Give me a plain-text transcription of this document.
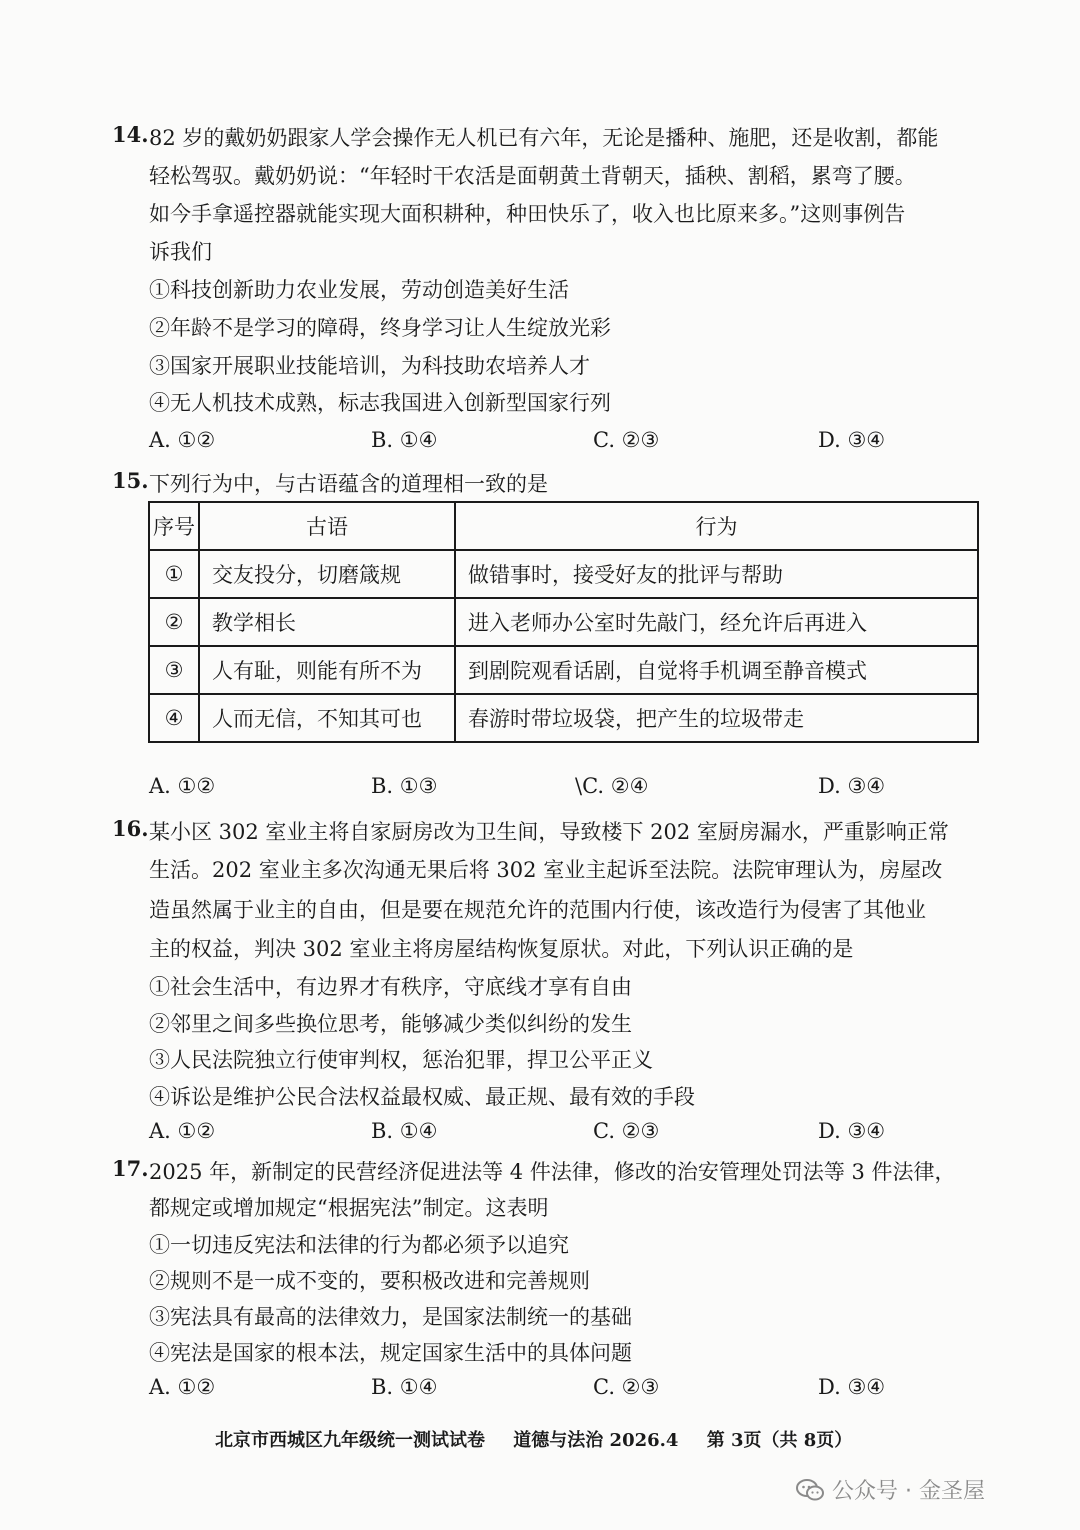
14. 82 岁的戴奶奶跟家人学会操作无人机已有六年，无论是播种、施肥，还是收割，都能
轻松驾驭。戴奶奶说：“年轻时干农活是面朝黄土背朝天，插秧、割稻，累弯了腰。
如今手拿遥控器就能实现大面积耕种，种田快乐了，收入也比原来多。”这则事例告
诉我们
①科技创新助力农业发展，劳动创造美好生活
②年龄不是学习的障碍，终身学习让人生绽放光彩
③国家开展职业技能培训，为科技助农培养人才
④无人机技术成熟，标志我国进入创新型国家行列
A. ①②	B. ①④	C. ②③	D. ③④
15. 下列行为中，与古语蕴含的道理相一致的是
序号	古语	行为
①	交友投分，切磨箴规	做错事时，接受好友的批评与帮助
②	教学相长	进入老师办公室时先敲门，经允许后再进入
③	人有耻，则能有所不为	到剧院观看话剧，自觉将手机调至静音模式
④	人而无信，不知其可也	春游时带垃圾袋，把产生的垃圾带走
A. ①②	B. ①③	\C. ②④	D. ③④
16. 某小区 302 室业主将自家厨房改为卫生间，导致楼下 202 室厨房漏水，严重影响正常
生活。202 室业主多次沟通无果后将 302 室业主起诉至法院。法院审理认为，房屋改
造虽然属于业主的自由，但是要在规范允许的范围内行使，该改造行为侵害了其他业
主的权益，判决 302 室业主将房屋结构恢复原状。对此，下列认识正确的是
①社会生活中，有边界才有秩序，守底线才享有自由
②邻里之间多些换位思考，能够减少类似纠纷的发生
③人民法院独立行使审判权，惩治犯罪，捍卫公平正义
④诉讼是维护公民合法权益最权威、最正规、最有效的手段
A. ①②	B. ①④	C. ②③	D. ③④
17. 2025 年，新制定的民营经济促进法等 4 件法律，修改的治安管理处罚法等 3 件法律，
都规定或增加规定“根据宪法”制定。这表明
①一切违反宪法和法律的行为都必须予以追究
②规则不是一成不变的，要积极改进和完善规则
③宪法具有最高的法律效力，是国家法制统一的基础
④宪法是国家的根本法，规定国家生活中的具体问题
A. ①②	B. ①④	C. ②③	D. ③④
北京市西城区九年级统一测试试卷 道德与法治 2026.4 第 3页（共 8页）
公众号 · 金圣屋
